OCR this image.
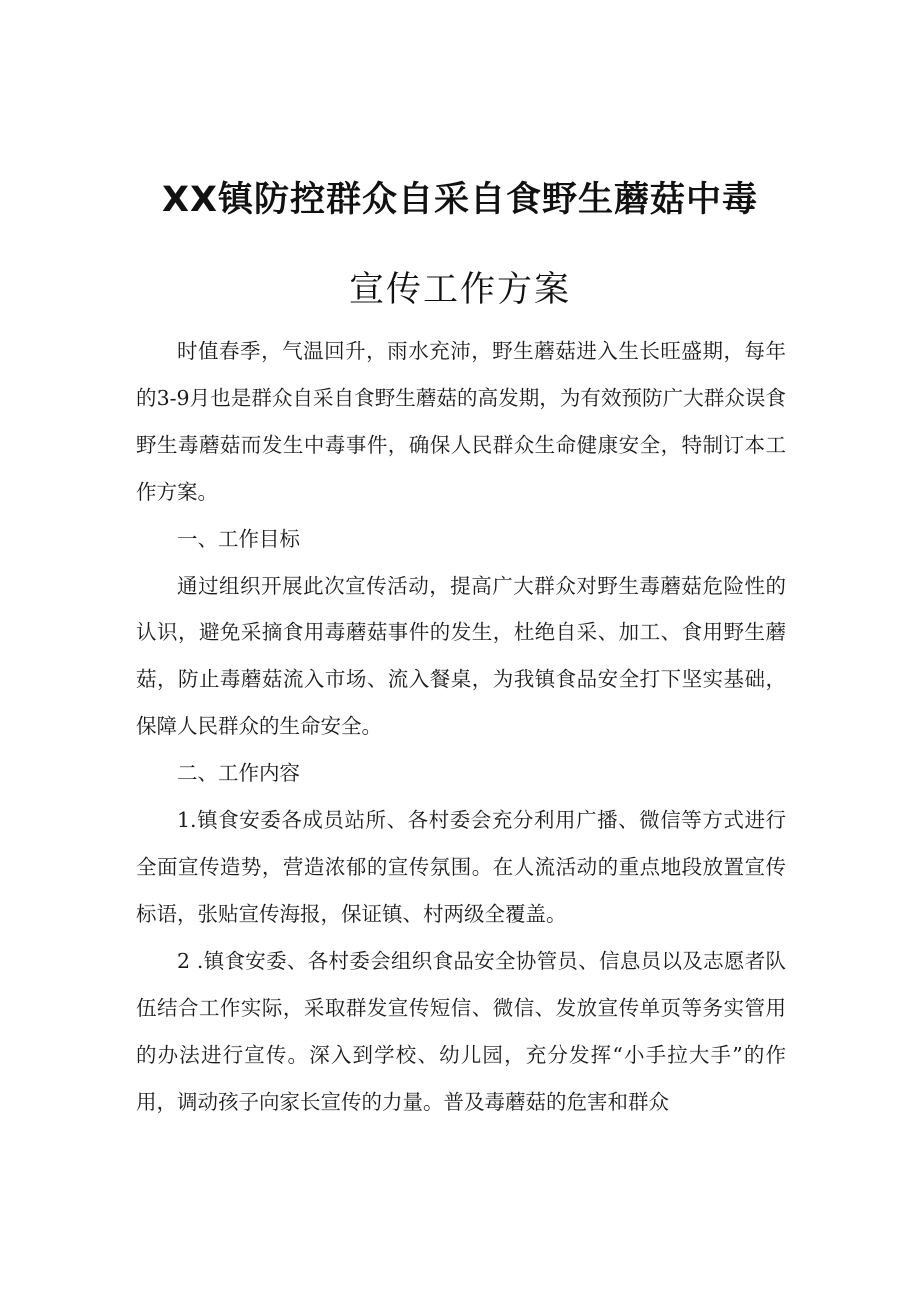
XX镇防控群众自采自食野生蘑菇中毒
宣传工作方案

时值春季，气温回升，雨水充沛，野生蘑菇进入生长旺盛期，每年的3-9月也是群众自采自食野生蘑菇的高发期，为有效预防广大群众误食野生毒蘑菇而发生中毒事件，确保人民群众生命健康安全，特制订本工作方案。

一、工作目标

通过组织开展此次宣传活动，提高广大群众对野生毒蘑菇危险性的认识，避免采摘食用毒蘑菇事件的发生，杜绝自采、加工、食用野生蘑菇，防止毒蘑菇流入市场、流入餐桌，为我镇食品安全打下坚实基础，保障人民群众的生命安全。

二、工作内容

1.镇食安委各成员站所、各村委会充分利用广播、微信等方式进行全面宣传造势，营造浓郁的宣传氛围。在人流活动的重点地段放置宣传标语，张贴宣传海报，保证镇、村两级全覆盖。

2 .镇食安委、各村委会组织食品安全协管员、信息员以及志愿者队伍结合工作实际，采取群发宣传短信、微信、发放宣传单页等务实管用的办法进行宣传。深入到学校、幼儿园，充分发挥“小手拉大手”的作用，调动孩子向家长宣传的力量。普及毒蘑菇的危害和群众
